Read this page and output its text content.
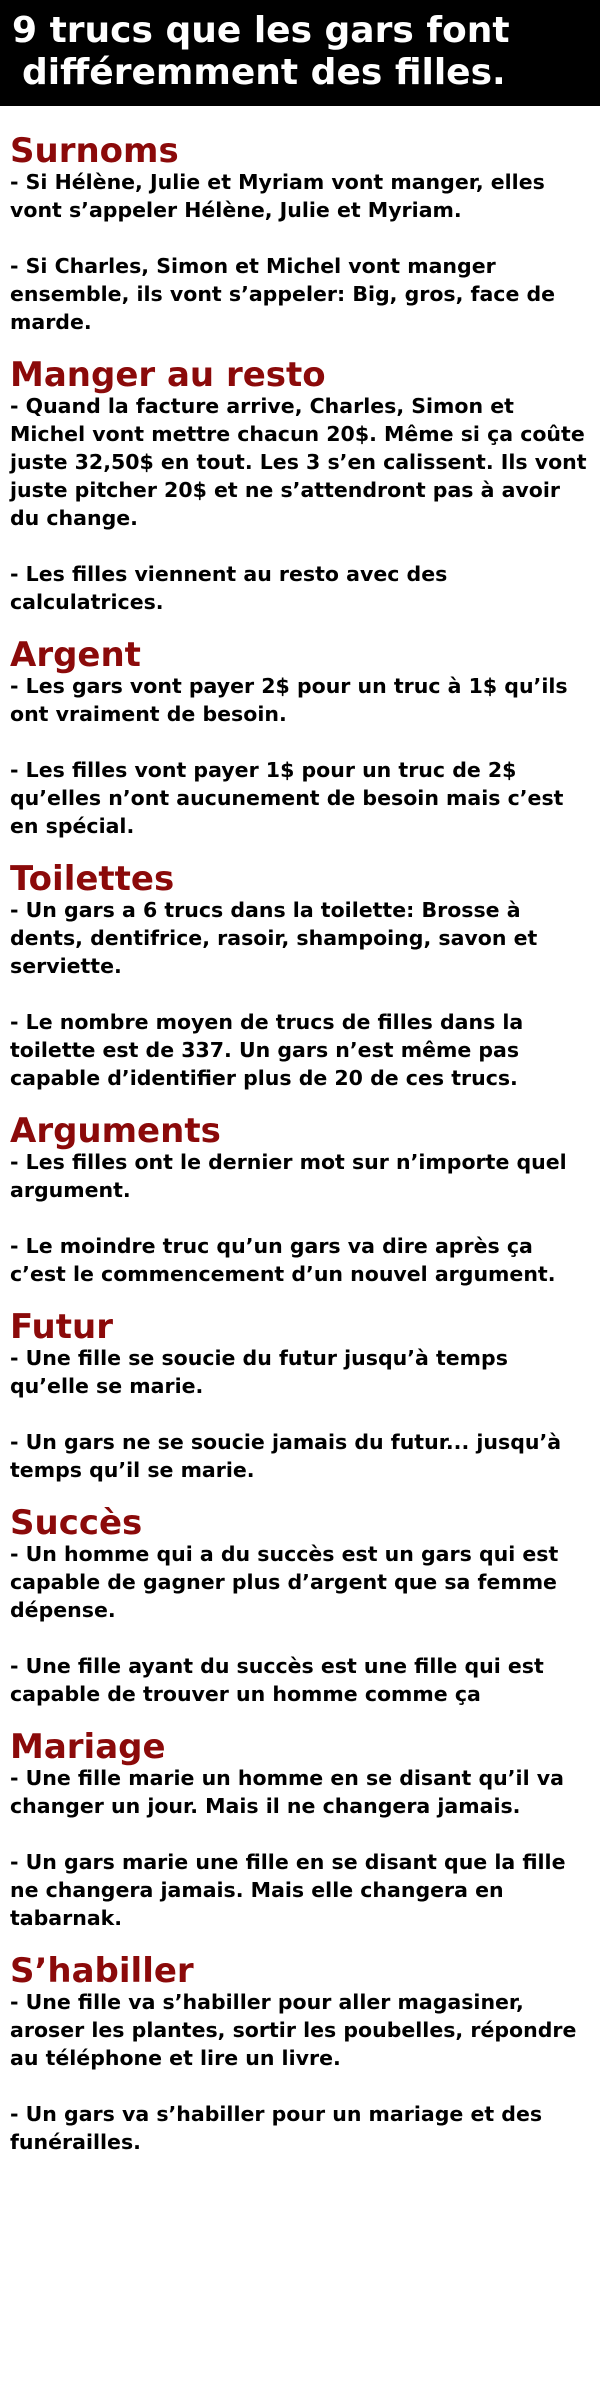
9 trucs que les gars font
différemment des filles.
Surnoms

- Si Hélène, Julie et Myriam vont manger, elles vont s’appeler Hélène, Julie et Myriam.

- Si Charles, Simon et Michel vont manger ensemble, ils vont s’appeler: Big, gros, face de marde.

Manger au resto

- Quand la facture arrive, Charles, Simon et Michel vont mettre chacun 20$. Même si ça coûte juste 32,50$ en tout. Les 3 s’en calissent. Ils vont juste pitcher 20$ et ne s’attendront pas à avoir du change.

- Les filles viennent au resto avec des calculatrices.

Argent

- Les gars vont payer 2$ pour un truc à 1$ qu’ils ont vraiment de besoin.

- Les filles vont payer 1$ pour un truc de 2$ qu’elles n’ont aucunement de besoin mais c’est en spécial.

Toilettes

- Un gars a 6 trucs dans la toilette: Brosse à dents, dentifrice, rasoir, shampoing, savon et serviette.

- Le nombre moyen de trucs de filles dans la toilette est de 337. Un gars n’est même pas capable d’identifier plus de 20 de ces trucs.

Arguments

- Les filles ont le dernier mot sur n’importe quel argument.

- Le moindre truc qu’un gars va dire après ça c’est le commencement d’un nouvel argument.

Futur

- Une fille se soucie du futur jusqu’à temps qu’elle se marie.

- Un gars ne se soucie jamais du futur... jusqu’à temps qu’il se marie.

Succès

- Un homme qui a du succès est un gars qui est capable de gagner plus d’argent que sa femme dépense.

- Une fille ayant du succès est une fille qui est capable de trouver un homme comme ça

Mariage

- Une fille marie un homme en se disant qu’il va changer un jour. Mais il ne changera jamais.

- Un gars marie une fille en se disant que la fille ne changera jamais. Mais elle changera en tabarnak.

S’habiller

- Une fille va s’habiller pour aller magasiner, aroser les plantes, sortir les poubelles, répondre au téléphone et lire un livre.

- Un gars va s’habiller pour un mariage et des funérailles.
